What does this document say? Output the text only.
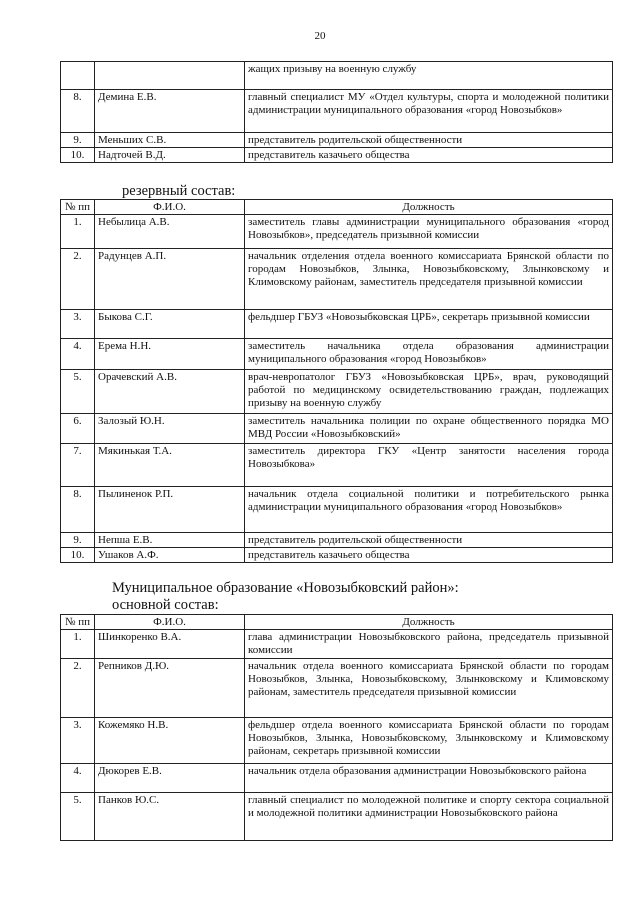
20
		жащих призыву на военную службу
8.	Демина Е.В.	главный специалист МУ «Отдел культуры, спорта и молодежной политики администрации муниципального образования «город Новозыбков»
9.	Меньших С.В.	представитель родительской общественности
10.	Надточей В.Д.	представитель казачьего общества
резервный состав:
№ пп	Ф.И.О.	Должность
1.	Небылица А.В.	заместитель главы администрации муниципального образования «город Новозыбков», председатель призывной комиссии
2.	Радунцев А.П.	начальник отделения отдела военного комиссариата Брянской области по городам Новозыбков, Злынка, Новозыбковскому, Злынковскому и Климовскому районам, заместитель председателя призывной комиссии
3.	Быкова С.Г.	фельдшер ГБУЗ «Новозыбковская ЦРБ», секретарь призывной комиссии
4.	Ерема Н.Н.	заместитель начальника отдела образования администрации муниципального образования «город Новозыбков»
5.	Орачевский А.В.	врач-невропатолог ГБУЗ «Новозыбковская ЦРБ», врач, руководящий работой по медицинскому освидетельствованию граждан, подлежащих призыву на военную службу
6.	Залозый Ю.Н.	заместитель начальника полиции по охране общественного порядка МО МВД России «Новозыбковский»
7.	Мякинькая Т.А.	заместитель директора ГКУ «Центр занятости населения города Новозыбкова»
8.	Пылиненок Р.П.	начальник отдела социальной политики и потребительского рынка администрации муниципального образования «город Новозыбков»
9.	Непша Е.В.	представитель родительской общественности
10.	Ушаков А.Ф.	представитель казачьего общества
Муниципальное образование «Новозыбковский район»:
основной состав:
№ пп	Ф.И.О.	Должность
1.	Шинкоренко В.А.	глава администрации Новозыбковского района, председатель призывной комиссии
2.	Репников Д.Ю.	начальник отдела военного комиссариата Брянской области по городам Новозыбков, Злынка, Новозыбковскому, Злынковскому и Климовскому районам, заместитель председателя призывной комиссии
3.	Кожемяко Н.В.	фельдшер отдела военного комиссариата Брянской области по городам Новозыбков, Злынка, Новозыбковскому, Злынковскому и Климовскому районам, секретарь призывной комиссии
4.	Дюкорев Е.В.	начальник отдела образования администрации Новозыбковского района
5.	Панков Ю.С.	главный специалист по молодежной политике и спорту сектора социальной и молодежной политики администрации Новозыбковского района
